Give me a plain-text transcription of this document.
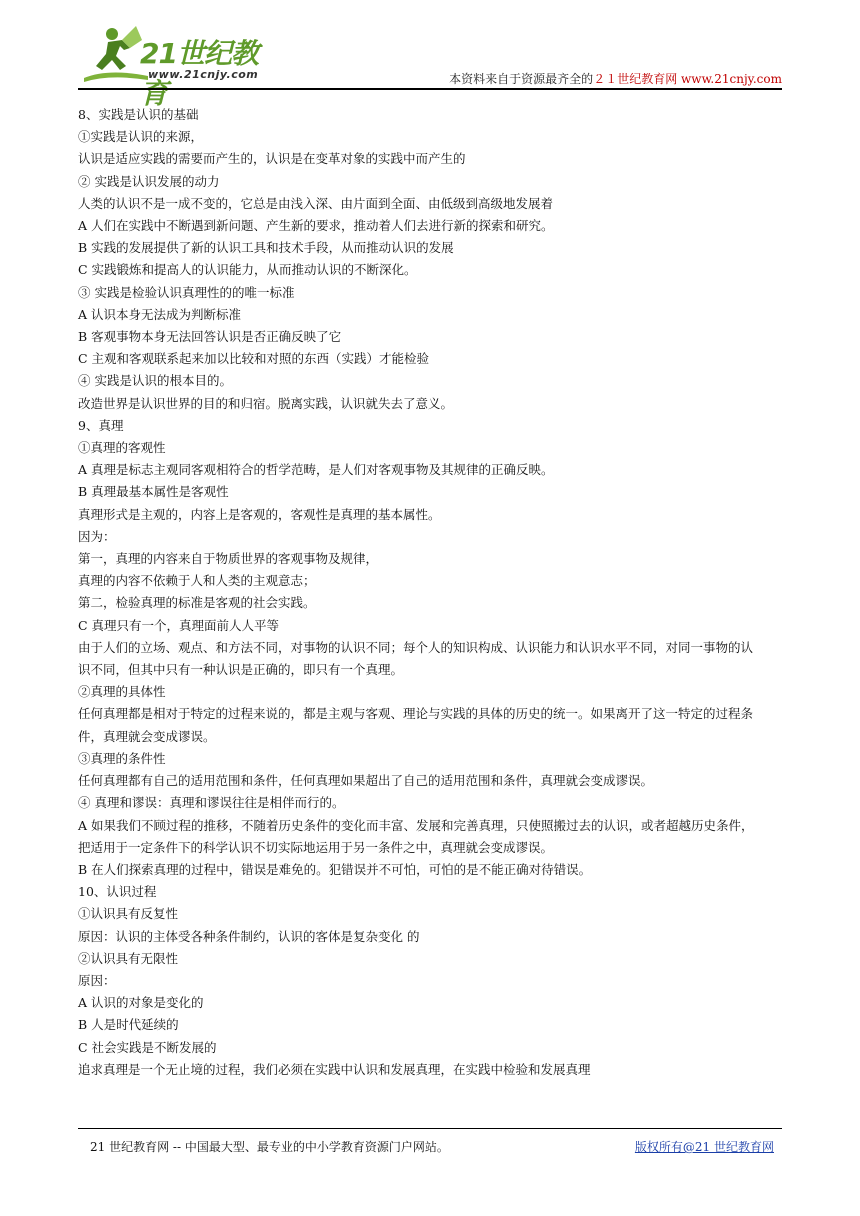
21世纪教育
www.21cnjy.com	本资料来自于资源最齐全的２１世纪教育网 www.21cnjy.com
8、实践是认识的基础
①实践是认识的来源，
认识是适应实践的需要而产生的，认识是在变革对象的实践中而产生的
② 实践是认识发展的动力
人类的认识不是一成不变的，它总是由浅入深、由片面到全面、由低级到高级地发展着
A 人们在实践中不断遇到新问题、产生新的要求，推动着人们去进行新的探索和研究。
B 实践的发展提供了新的认识工具和技术手段，从而推动认识的发展
C 实践锻炼和提高人的认识能力，从而推动认识的不断深化。
③ 实践是检验认识真理性的的唯一标准
A 认识本身无法成为判断标准
B 客观事物本身无法回答认识是否正确反映了它
C 主观和客观联系起来加以比较和对照的东西（实践）才能检验
④ 实践是认识的根本目的。
改造世界是认识世界的目的和归宿。脱离实践，认识就失去了意义。
9、真理
①真理的客观性
A 真理是标志主观同客观相符合的哲学范畴，是人们对客观事物及其规律的正确反映。
B 真理最基本属性是客观性
真理形式是主观的，内容上是客观的，客观性是真理的基本属性。
因为：
第一，真理的内容来自于物质世界的客观事物及规律，
真理的内容不依赖于人和人类的主观意志；
第二，检验真理的标准是客观的社会实践。
C 真理只有一个，真理面前人人平等
由于人们的立场、观点、和方法不同，对事物的认识不同；每个人的知识构成、认识能力和认识水平不同，对同一事物的认
识不同，但其中只有一种认识是正确的，即只有一个真理。
②真理的具体性
任何真理都是相对于特定的过程来说的，都是主观与客观、理论与实践的具体的历史的统一。如果离开了这一特定的过程条
件，真理就会变成谬误。
③真理的条件性
任何真理都有自己的适用范围和条件，任何真理如果超出了自己的适用范围和条件，真理就会变成谬误。
④ 真理和谬误：真理和谬误往往是相伴而行的。
A 如果我们不顾过程的推移，不随着历史条件的变化而丰富、发展和完善真理，只使照搬过去的认识，或者超越历史条件，
把适用于一定条件下的科学认识不切实际地运用于另一条件之中，真理就会变成谬误。
B 在人们探索真理的过程中，错误是难免的。犯错误并不可怕，可怕的是不能正确对待错误。
10、认识过程
①认识具有反复性
原因：认识的主体受各种条件制约，认识的客体是复杂变化 的
②认识具有无限性
原因：
A 认识的对象是变化的
B 人是时代延续的
C 社会实践是不断发展的
追求真理是一个无止境的过程，我们必须在实践中认识和发展真理，在实践中检验和发展真理
21 世纪教育网 -- 中国最大型、最专业的中小学教育资源门户网站。	版权所有@21 世纪教育网
